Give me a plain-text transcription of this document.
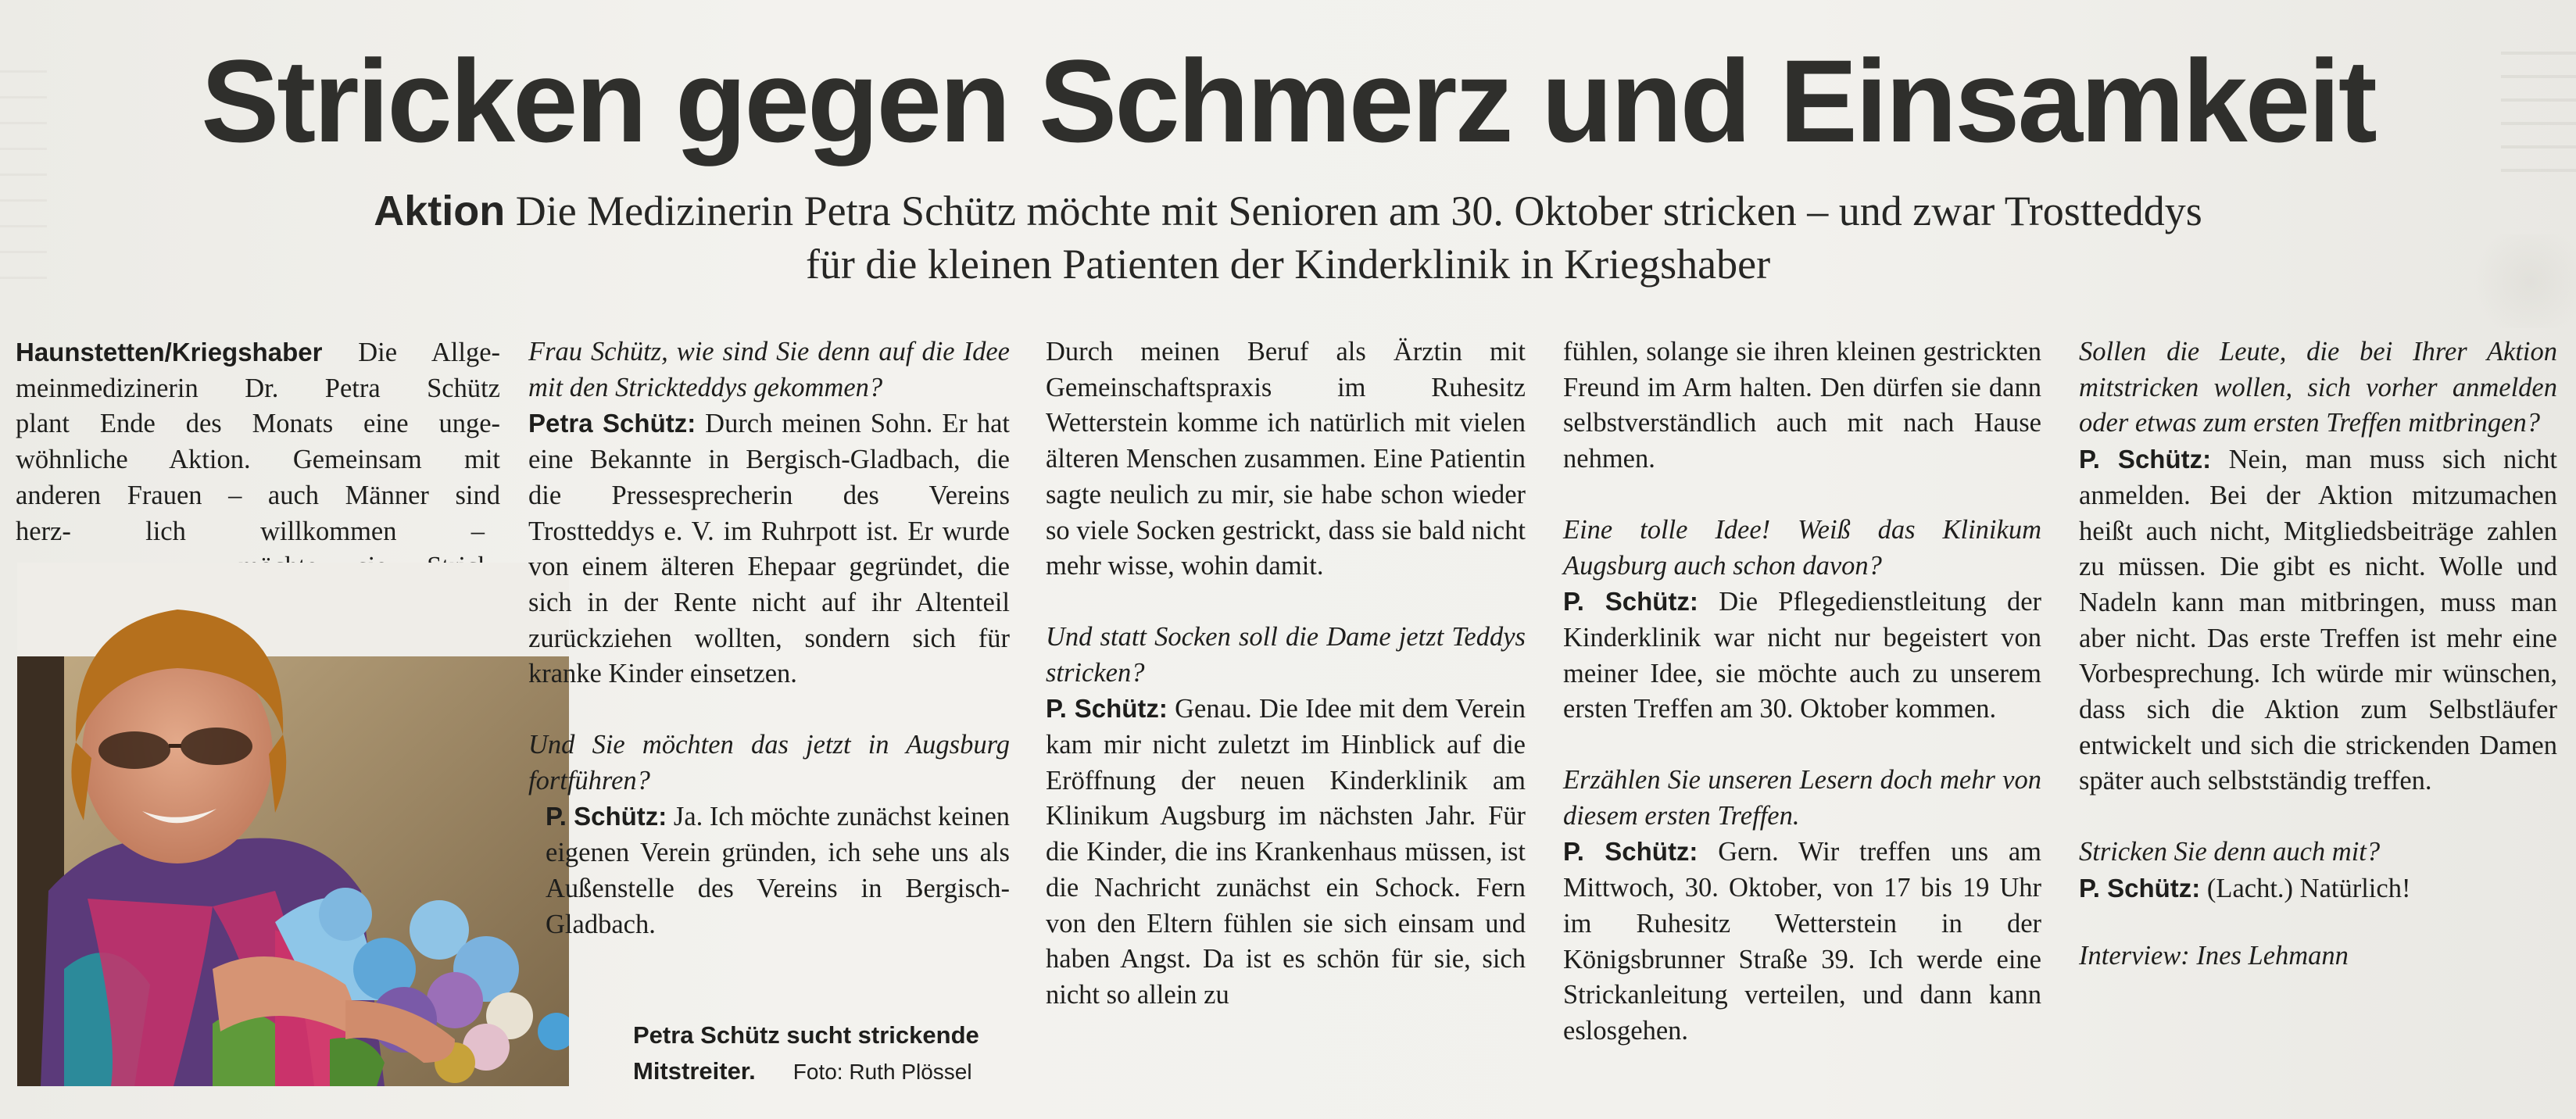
Stricken gegen Schmerz und Einsamkeit
Aktion Die Medizinerin Petra Schütz möchte mit Senioren am 30. Oktober stricken – und zwar Trostteddys
für die kleinen Patienten der Kinderklinik in Kriegshaber
Haunstetten/Kriegshaber Die Allge-
meinmedizinerin Dr. Petra Schütz
plant Ende des Monats eine unge-
wöhnliche Aktion. Gemeinsam mit
anderen Frauen – auch Männer sind
herz-	lich	willkommen	–
Petra Schütz sucht strickende
Mitstreiter. Foto: Ruth Plössel

Frau Schütz, wie sind Sie denn auf die Idee mit den Strickteddys gekommen?

Petra Schütz: Durch meinen Sohn. Er hat eine Bekannte in Bergisch-Gladbach, die die Pressesprecherin des Vereins Trostteddys e. V. im Ruhrpott ist. Er wurde von einem älteren Ehepaar gegründet, die sich in der Rente nicht auf ihr Altenteil zurückziehen wollten, sondern sich für kranke Kinder einsetzen.

Und Sie möchten das jetzt in Augsburg fortführen?

P. Schütz: Ja. Ich möchte zunächst keinen eigenen Verein gründen, ich sehe uns als Außenstelle des Vereins in Bergisch-Gladbach.

Durch meinen Beruf als Ärztin mit Gemeinschaftspraxis im Ruhesitz Wetterstein komme ich natürlich mit vielen älteren Menschen zusammen. Eine Patientin sagte neulich zu mir, sie habe schon wieder so viele Socken gestrickt, dass sie bald nicht mehr wisse, wohin damit.

Und statt Socken soll die Dame jetzt Teddys stricken?

P. Schütz: Genau. Die Idee mit dem Verein kam mir nicht zuletzt im Hinblick auf die Eröffnung der neuen Kinderklinik am Klinikum Augsburg im nächsten Jahr. Für die Kinder, die ins Krankenhaus müssen, ist die Nachricht zunächst ein Schock. Fern von den Eltern fühlen sie sich einsam und haben Angst. Da ist es schön für sie, sich nicht so allein zu

fühlen, solange sie ihren kleinen gestrickten Freund im Arm halten. Den dürfen sie dann selbstverständlich auch mit nach Hause nehmen.

Eine tolle Idee! Weiß das Klinikum Augsburg auch schon davon?

P. Schütz: Die Pflegedienstleitung der Kinderklinik war nicht nur begeistert von meiner Idee, sie möchte auch zu unserem ersten Treffen am 30. Oktober kommen.

Erzählen Sie unseren Lesern doch mehr von diesem ersten Treffen.

P. Schütz: Gern. Wir treffen uns am Mittwoch, 30. Oktober, von 17 bis 19 Uhr im Ruhesitz Wetterstein in der Königsbrunner Straße 39. Ich werde eine Strickanleitung verteilen, und dann kann eslosgehen.

Sollen die Leute, die bei Ihrer Aktion mitstricken wollen, sich vorher anmelden oder etwas zum ersten Treffen mitbringen?

P. Schütz: Nein, man muss sich nicht anmelden. Bei der Aktion mitzumachen heißt auch nicht, Mitgliedsbeiträge zahlen zu müssen. Die gibt es nicht. Wolle und Nadeln kann man mitbringen, muss man aber nicht. Das erste Treffen ist mehr eine Vorbesprechung. Ich würde mir wünschen, dass sich die Aktion zum Selbstläufer entwickelt und sich die strickenden Damen später auch selbstständig treffen.

Stricken Sie denn auch mit?

P. Schütz: (Lacht.) Natürlich!

Interview: Ines Lehmann
